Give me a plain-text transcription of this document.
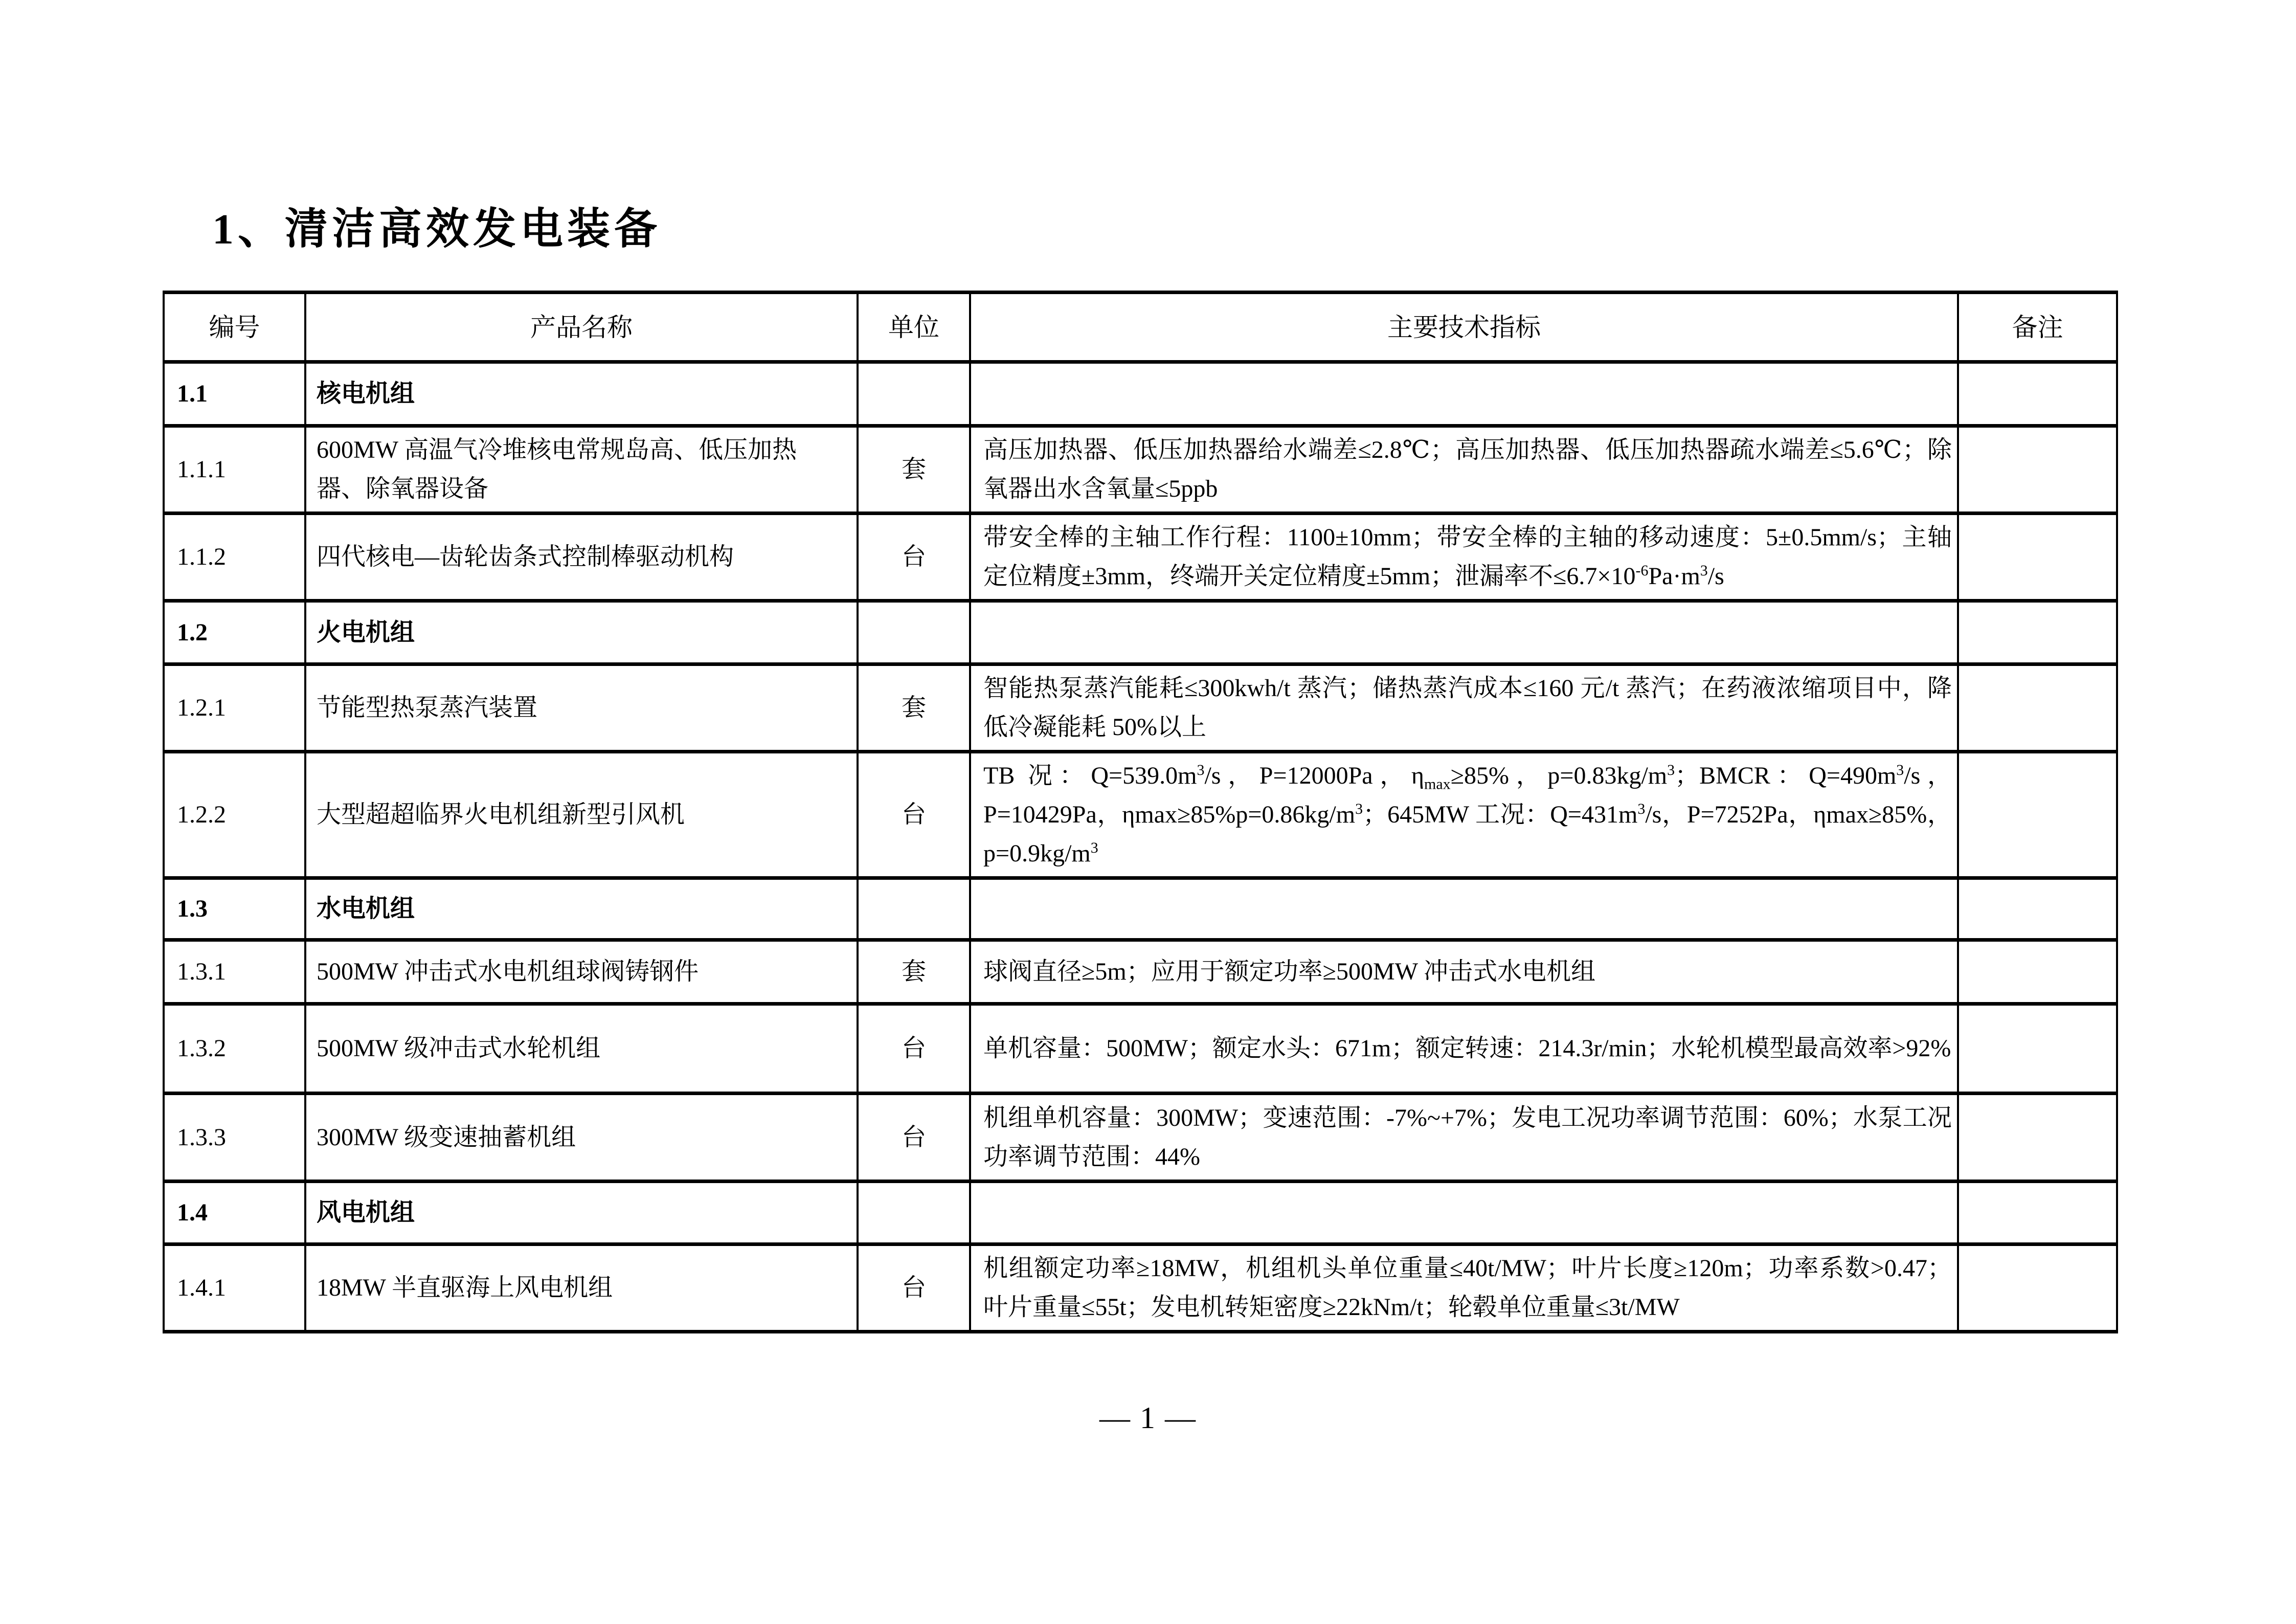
1、清洁高效发电装备
编号	产品名称	单位	主要技术指标	备注
1.1	核电机组			
1.1.1	600MW 高温气冷堆核电常规岛高、低压加热器、除氧器设备	套	高压加热器、低压加热器给水端差≤2.8℃；高压加热器、低压加热器疏水端差≤5.6℃；除氧器出水含氧量≤5ppb	
1.1.2	四代核电—齿轮齿条式控制棒驱动机构	台	带安全棒的主轴工作行程：1100±10mm；带安全棒的主轴的移动速度：5±0.5mm/s；主轴定位精度±3mm，终端开关定位精度±5mm；泄漏率不$\le 6.7\times 10^{-6}Pa\cdot m^3/s$	
1.2	火电机组			
1.2.1	节能型热泵蒸汽装置	套	智能热泵蒸汽能耗≤300kwh/t 蒸汽；储热蒸汽成本≤160 元/t 蒸汽；在药液浓缩项目中，降低冷凝能耗 50%以上	
1.2.2	大型超超临界火电机组新型引风机	台	TB 况：$Q=539.0m^3/s$，P=12000Pa，$\eta_{max}\ge 85\%$，$p=0.83kg/m^3$；BMCR：$Q=490m^3/s$，P=10429Pa，$\eta\max\ge 85\%p=0.86kg/m^3$；645MW 工况：$Q=431m^3/s$，P=7252Pa，ηmax≥85%，$p=0.9kg/m^3$	
1.3	水电机组			
1.3.1	500MW 冲击式水电机组球阀铸钢件	套	球阀直径≥5m；应用于额定功率≥500MW 冲击式水电机组	
1.3.2	500MW 级冲击式水轮机组	台	单机容量：500MW；额定水头：671m；额定转速：214.3r/min；水轮机模型最高效率>92%	
1.3.3	300MW 级变速抽蓄机组	台	机组单机容量：300MW；变速范围：-7%~+7%；发电工况功率调节范围：60%；水泵工况功率调节范围：44%	
1.4	风电机组			
1.4.1	18MW 半直驱海上风电机组	台	机组额定功率≥18MW，机组机头单位重量≤40t/MW；叶片长度≥120m；功率系数>0.47；叶片重量≤55t；发电机转矩密度≥22kNm/t；轮毂单位重量≤3t/MW	
— 1 —
